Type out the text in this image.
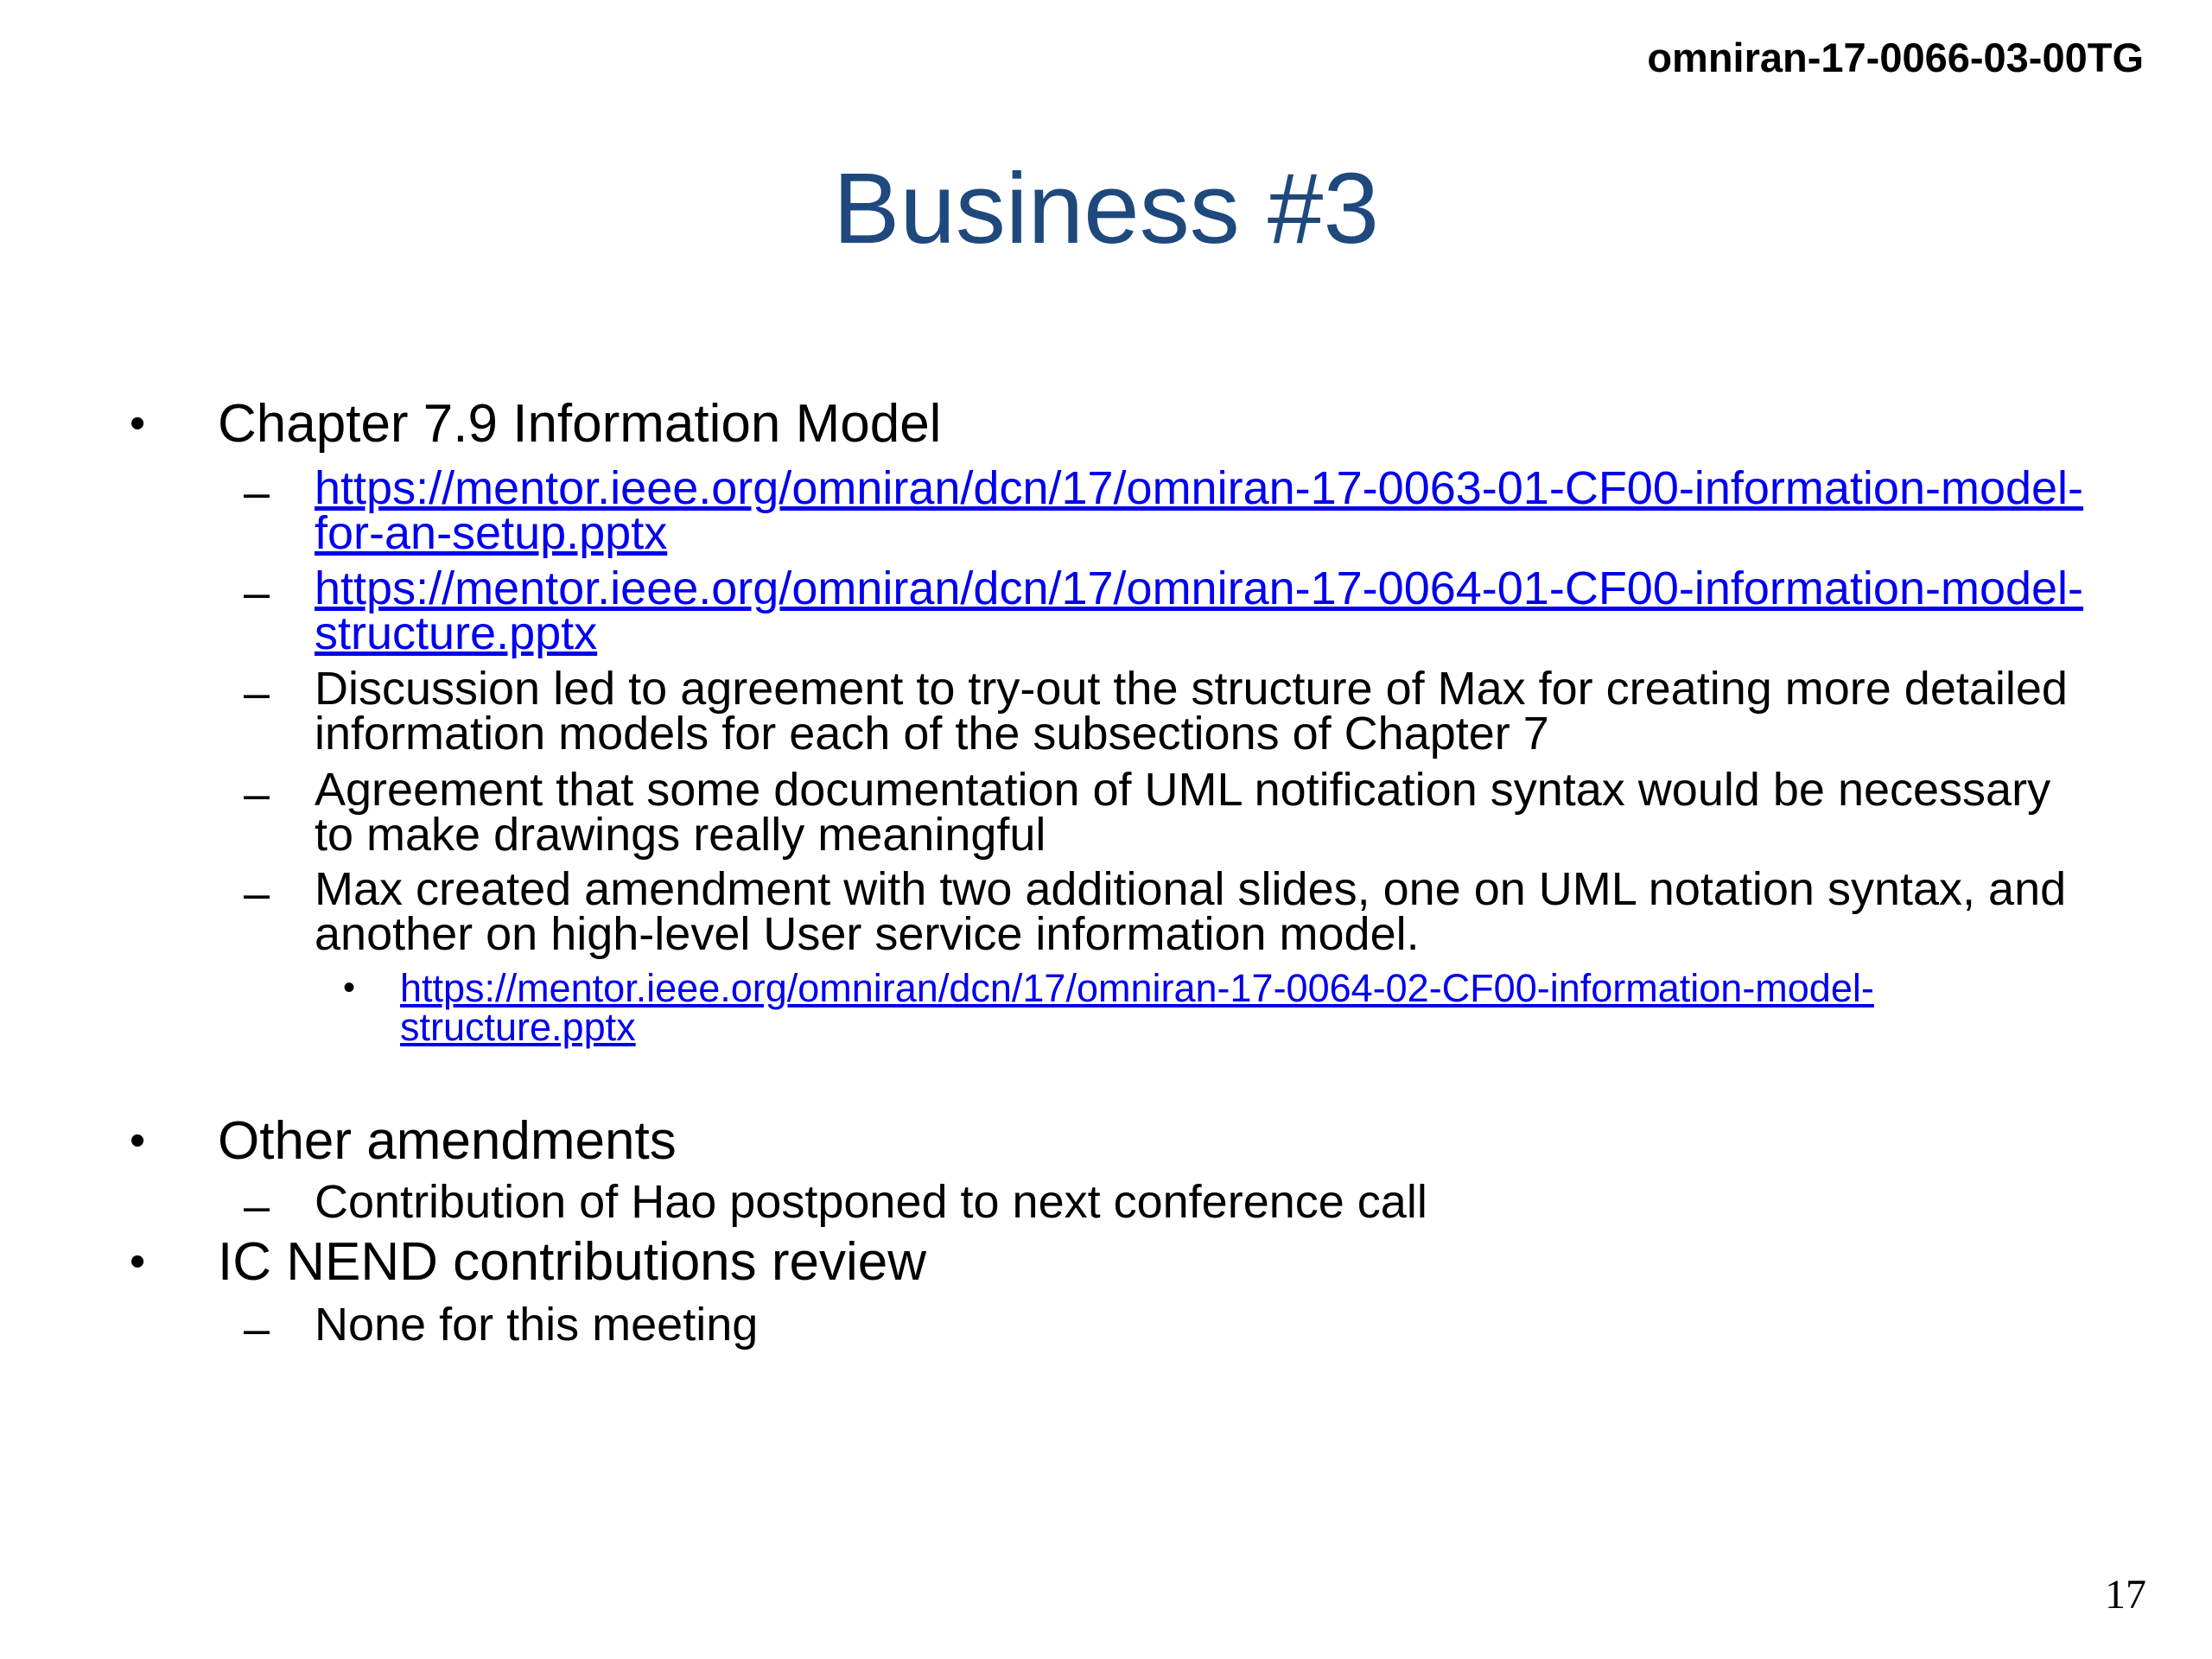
omniran-17-0066-03-00TG
Business #3
• Chapter 7.9 Information Model
– https://mentor.ieee.org/omniran/dcn/17/omniran-17-0063-01-CF00-information-model-
for-an-setup.pptx
– https://mentor.ieee.org/omniran/dcn/17/omniran-17-0064-01-CF00-information-model-
structure.pptx
– Discussion led to agreement to try-out the structure of Max for creating more detailed
information models for each of the subsections of Chapter 7
– Agreement that some documentation of UML notification syntax would be necessary
to make drawings really meaningful
– Max created amendment with two additional slides, one on UML notation syntax, and
another on high-level User service information model.
• https://mentor.ieee.org/omniran/dcn/17/omniran-17-0064-02-CF00-information-model-
structure.pptx
• Other amendments
– Contribution of Hao postponed to next conference call
• IC NEND contributions review
– None for this meeting
17
